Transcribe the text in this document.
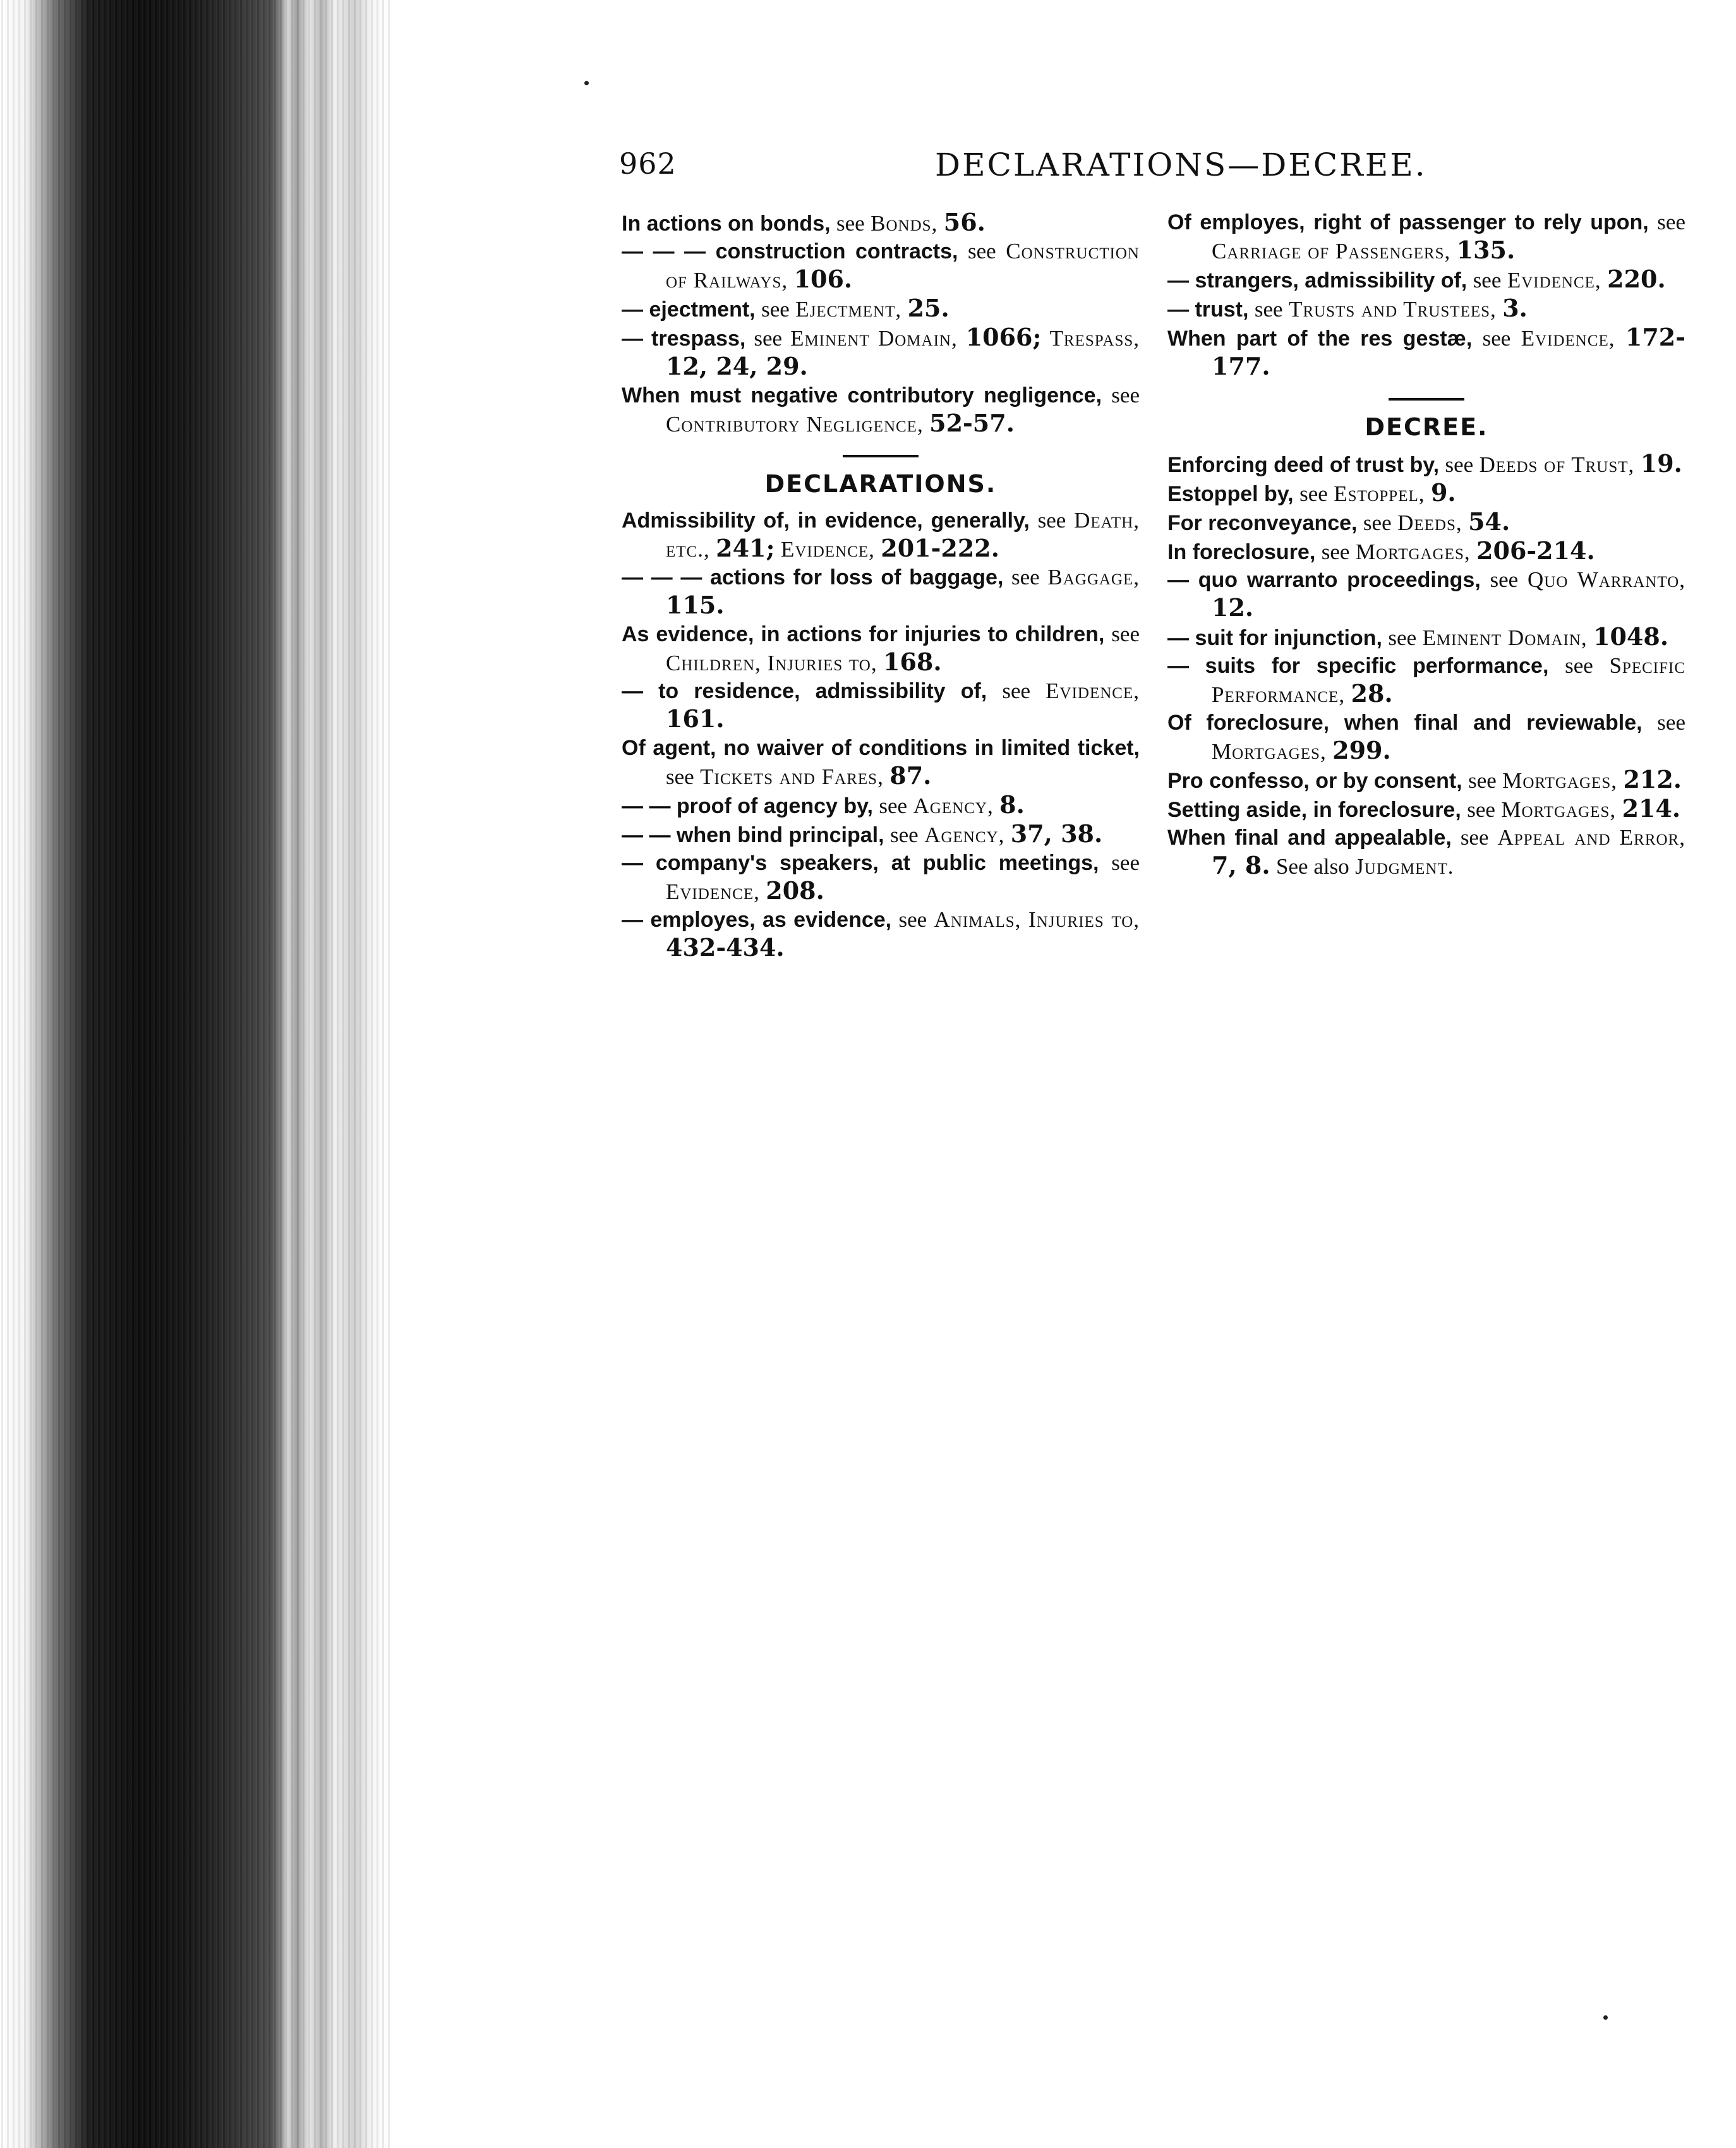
962	DECLARATIONS—DECREE.
In actions on bonds, see Bonds, 56.
— — — construction contracts, see Construction of Railways, 106.
— ejectment, see Ejectment, 25.
— trespass, see Eminent Domain, 1066; Trespass, 12, 24, 29.
When must negative contributory negligence, see Contributory Negligence, 52-57.
DECLARATIONS.
Admissibility of, in evidence, generally, see Death, etc., 241; Evidence, 201-222.
— — — actions for loss of baggage, see Baggage, 115.
As evidence, in actions for injuries to children, see Children, Injuries to, 168.
— to residence, admissibility of, see Evidence, 161.
Of agent, no waiver of conditions in limited ticket, see Tickets and Fares, 87.
— — proof of agency by, see Agency, 8.
— — when bind principal, see Agency, 37, 38.
— company's speakers, at public meetings, see Evidence, 208.
— employes, as evidence, see Animals, Injuries to, 432-434.
Of employes, right of passenger to rely upon, see Carriage of Passengers, 135.
— strangers, admissibility of, see Evidence, 220.
— trust, see Trusts and Trustees, 3.
When part of the res gestæ, see Evidence, 172-177.
DECREE.
Enforcing deed of trust by, see Deeds of Trust, 19.
Estoppel by, see Estoppel, 9.
For reconveyance, see Deeds, 54.
In foreclosure, see Mortgages, 206-214.
— quo warranto proceedings, see Quo Warranto, 12.
— suit for injunction, see Eminent Domain, 1048.
— suits for specific performance, see Specific Performance, 28.
Of foreclosure, when final and reviewable, see Mortgages, 299.
Pro confesso, or by consent, see Mortgages, 212.
Setting aside, in foreclosure, see Mortgages, 214.
When final and appealable, see Appeal and Error, 7, 8. See also Judgment.
